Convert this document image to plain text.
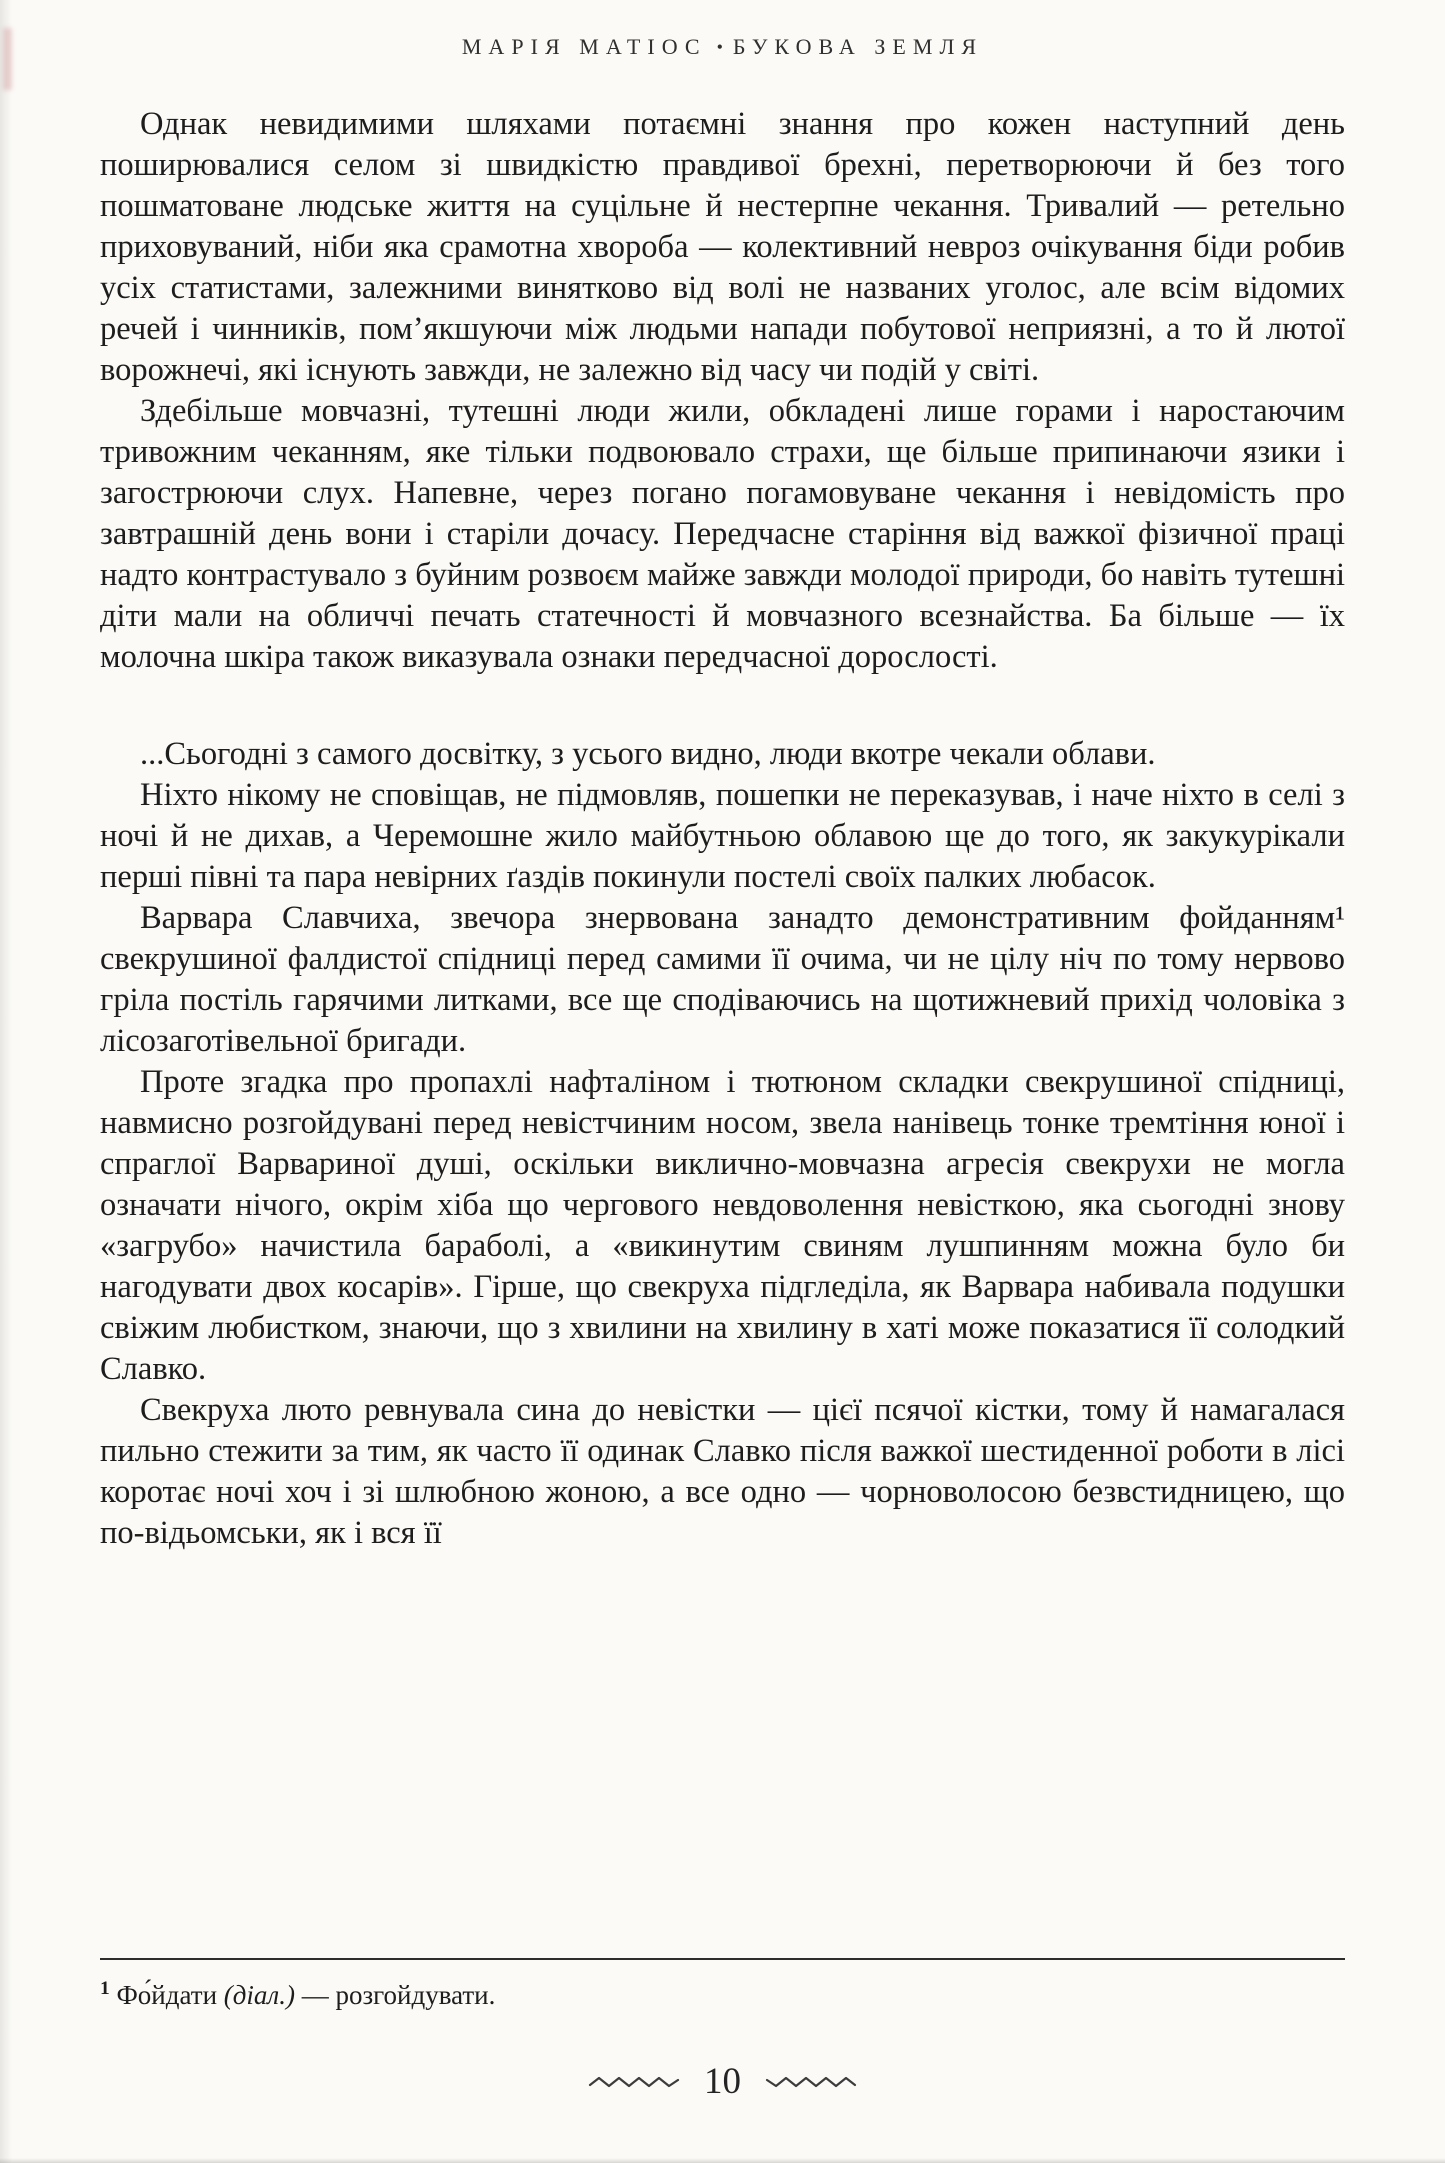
МАРІЯ МАТІОС • БУКОВА ЗЕМЛЯ

Однак невидимими шляхами потаємні знання про кожен наступний день поширювалися селом зі швидкістю правдивої брехні, перетворюючи й без того пошматоване людське життя на суцільне й нестерпне чекання. Тривалий — ретельно приховуваний, ніби яка срамотна хвороба — колективний невроз очікування біди робив усіх статистами, залежними винятково від волі не названих уголос, але всім відомих речей і чинників, пом’якшуючи між людьми напади побутової неприязні, а то й лютої ворожнечі, які існують завжди, не залежно від часу чи подій у світі.

Здебільше мовчазні, тутешні люди жили, обкладені лише горами і наростаючим тривожним чеканням, яке тільки подвоювало страхи, ще більше припинаючи язики і загострюючи слух. Напевне, через погано погамовуване чекання і невідомість про завтрашній день вони і старіли дочасу. Передчасне старіння від важкої фізичної праці надто контрастувало з буйним розвоєм майже завжди молодої природи, бо навіть тутешні діти мали на обличчі печать статечності й мовчазного всезнайства. Ба більше — їх молочна шкіра також виказувала ознаки передчасної дорослості.

...Сьогодні з самого досвітку, з усього видно, люди вкотре чекали облави.

Ніхто нікому не сповіщав, не підмовляв, пошепки не переказував, і наче ніхто в селі з ночі й не дихав, а Черемошне жило майбутньою облавою ще до того, як закукурікали перші півні та пара невірних ґаздів покинули постелі своїх палких любасок.

Варвара Славчиха, звечора знервована занадто демонстративним фойданням¹ свекрушиної фалдистої спідниці перед самими її очима, чи не цілу ніч по тому нервово гріла постіль гарячими литками, все ще сподіваючись на щотижневий прихід чоловіка з лісозаготівельної бригади.

Проте згадка про пропахлі нафталіном і тютюном складки свекрушиної спідниці, навмисно розгойдувані перед невістчиним носом, звела нанівець тонке тремтіння юної і спраглої Варвариної душі, оскільки виклично-мовчазна агресія свекрухи не могла означати нічого, окрім хіба що чергового невдоволення невісткою, яка сьогодні знову «загрубо» начистила бараболі, а «викинутим свиням лушпинням можна було би нагодувати двох косарів». Гірше, що свекруха підгледіла, як Варвара набивала подушки свіжим любистком, знаючи, що з хвилини на хвилину в хаті може показатися її солодкий Славко.

Свекруха люто ревнувала сина до невістки — цієї псячої кістки, тому й намагалася пильно стежити за тим, як часто її одинак Славко після важкої шестиденної роботи в лісі коротає ночі хоч і зі шлюбною жоною, а все одно — чорноволосою безвстидницею, що по-відьомськи, як і вся її

$^1$ Фо́йдати (діал.) — розгойдувати.
10
